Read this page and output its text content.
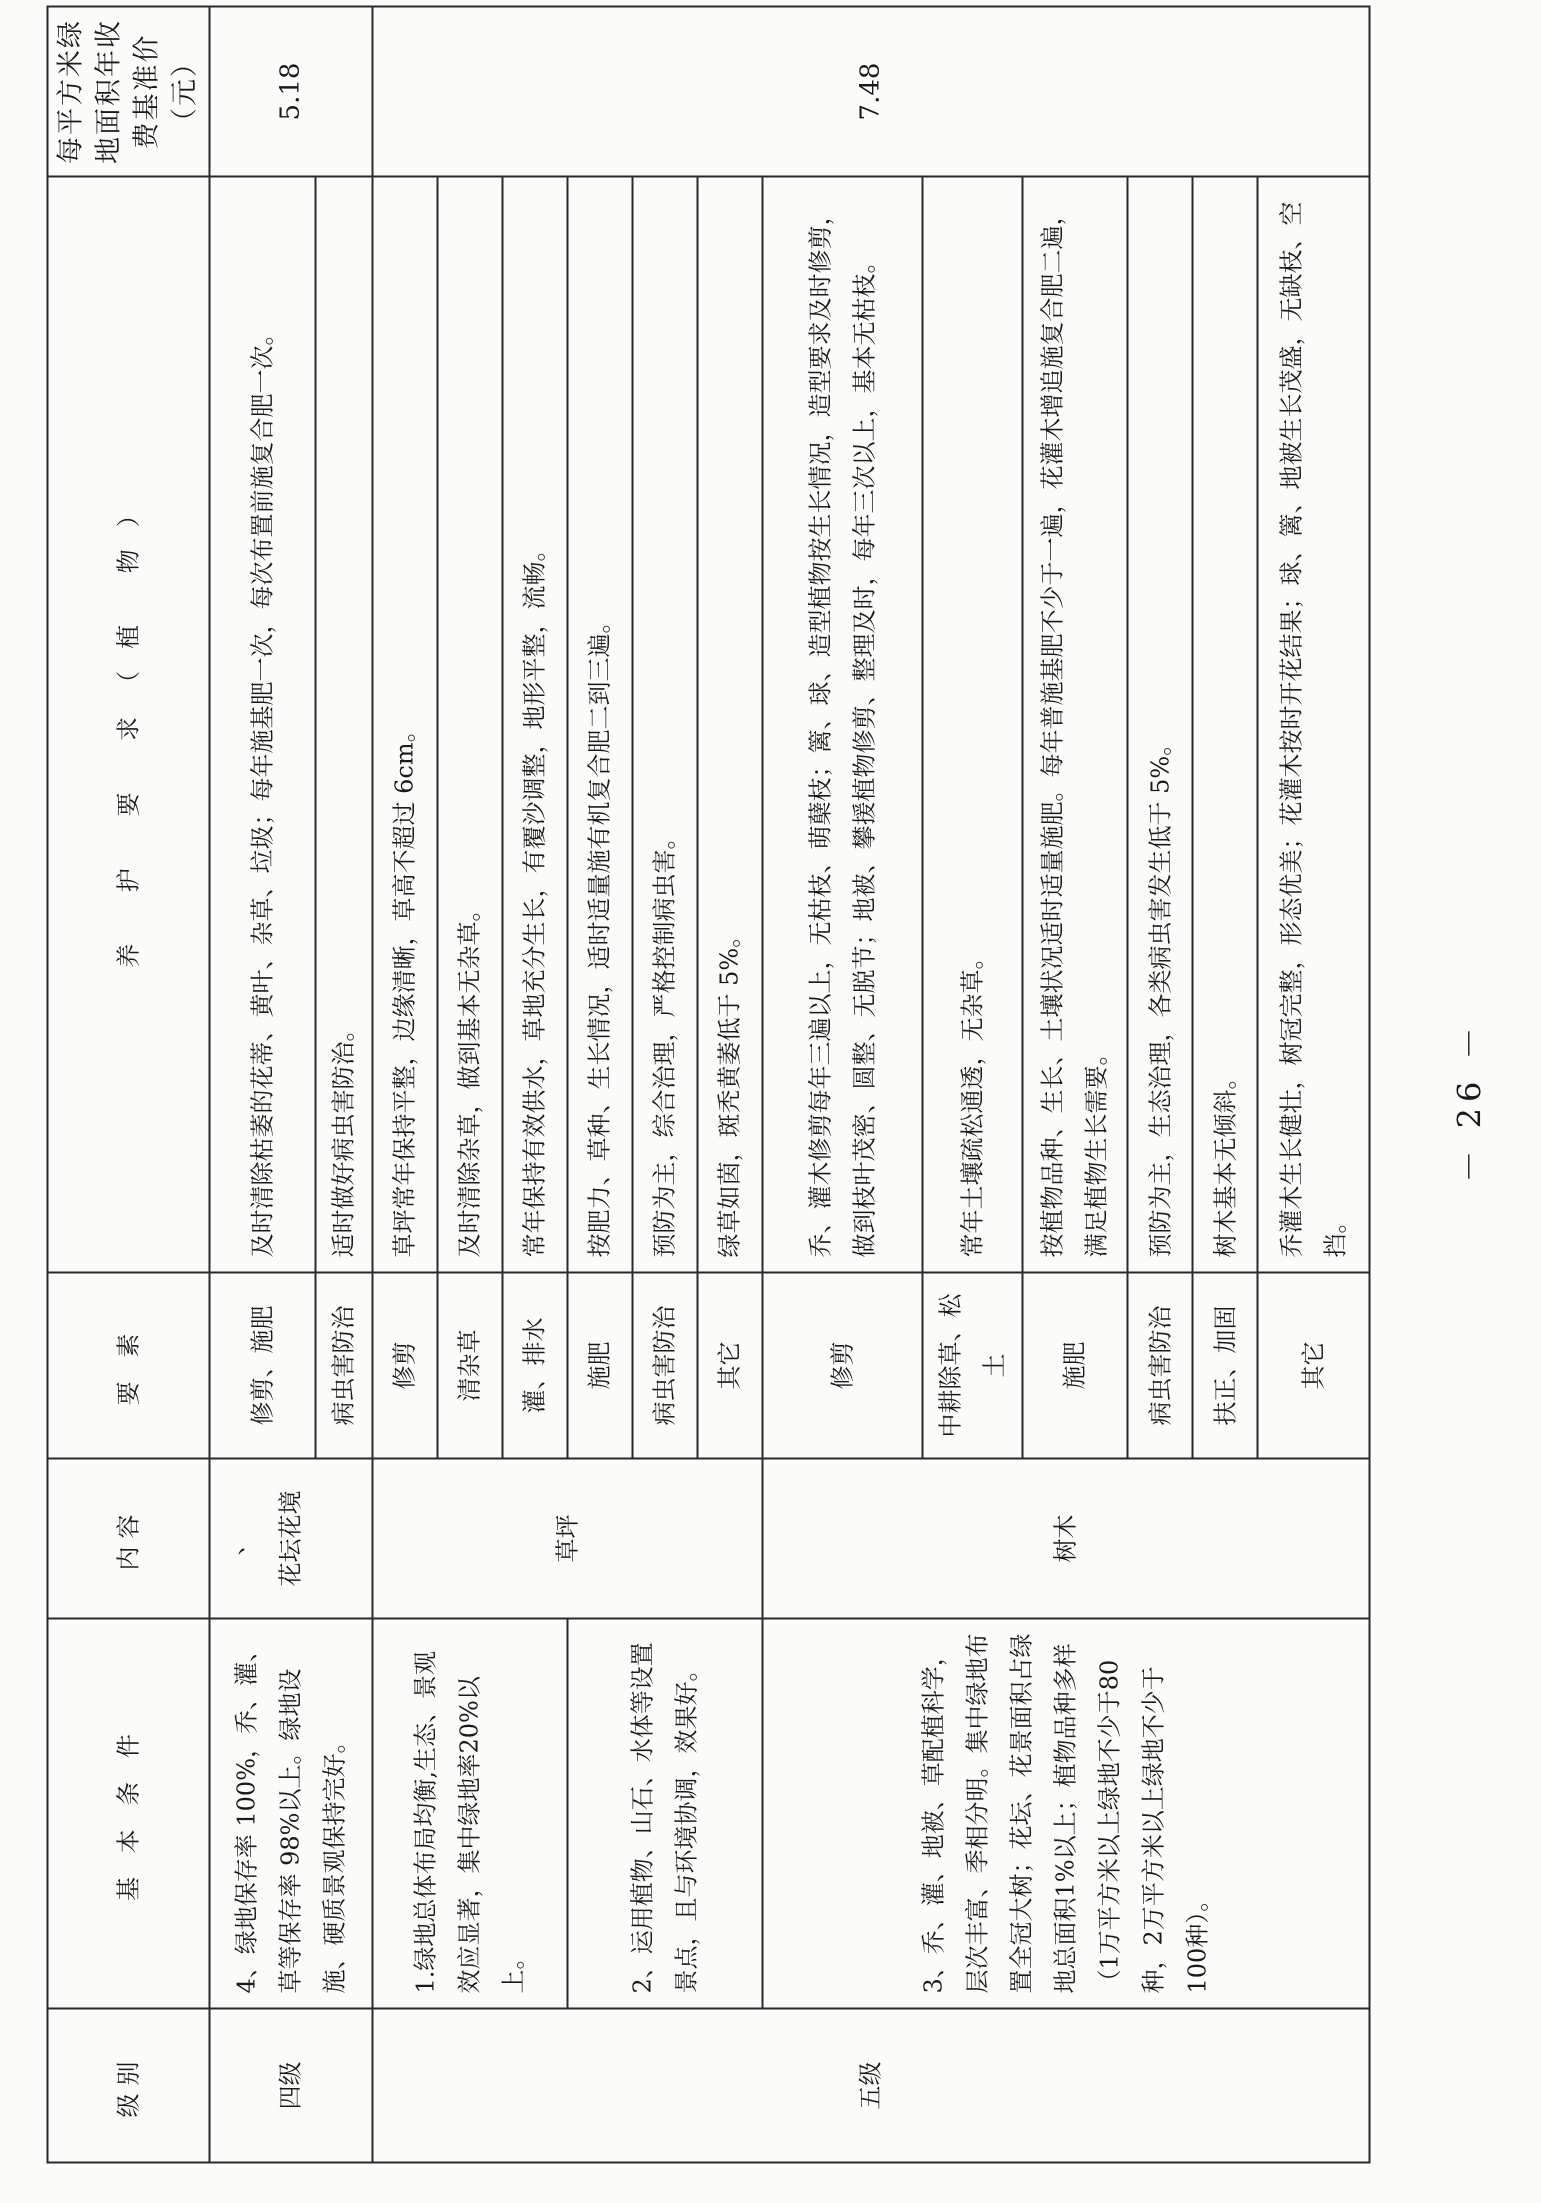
级别	基 本 条 件	内容	要 素	养 护 要 求（植 物）	每平方米绿地面积年收费基准价（元）
四级	4、绿地保存率 100%，乔、灌、草等保存率 98%以上。绿地设施、硬质景观保持完好。	、 花坛花境	修剪、施肥	及时清除枯萎的花蒂、黄叶、杂草、垃圾；每年施基肥一次，每次布置前施复合肥一次。	5.18
			病虫害防治	适时做好病虫害防治。	
五级	1.绿地总体布局均衡,生态、景观效应显著，集中绿地率20%以上。	草坪	修剪	草坪常年保持平整，边缘清晰，草高不超过 6cm。	7.48
			清杂草	及时清除杂草，做到基本无杂草。	
			灌、排水	常年保持有效供水，草地充分生长，有覆沙调整，地形平整，流畅。	
	2、运用植物、山石、水体等设置景点，且与环境协调，效果好。		施肥	按肥力、草种、生长情况，适时适量施有机复合肥二到三遍。	
			病虫害防治	预防为主，综合治理，严格控制病虫害。	
			其它	绿草如茵，斑秃黄萎低于 5%。	
	3、乔、灌、地被、草配植科学，层次丰富、季相分明。集中绿地布置全冠大树；花坛、花景面积占绿地总面积1%以上；植物品种多样（1万平方米以上绿地不少于80种，2万平方米以上绿地不少于100种）。	树木	修剪	乔、灌木修剪每年三遍以上，无枯枝、萌蘖枝；篱、球、造型植物按生长情况，造型要求及时修剪，做到枝叶茂密、圆整、无脱节；地被、攀援植物修剪、整理及时，每年三次以上，基本无枯枝。	
			中耕除草、松土	常年土壤疏松通透，无杂草。	
			施肥	按植物品种、生长、土壤状况适时适量施肥。每年普施基肥不少于一遍，花灌木增追施复合肥二遍，满足植物生长需要。	
			病虫害防治	预防为主，生态治理，各类病虫害发生低于 5%。	
			扶正、加固	树木基本无倾斜。	
			其它	乔灌木生长健壮，树冠完整，形态优美；花灌木按时开花结果；球、篱、地被生长茂盛，无缺枝、空挡。	
－ 26 －
